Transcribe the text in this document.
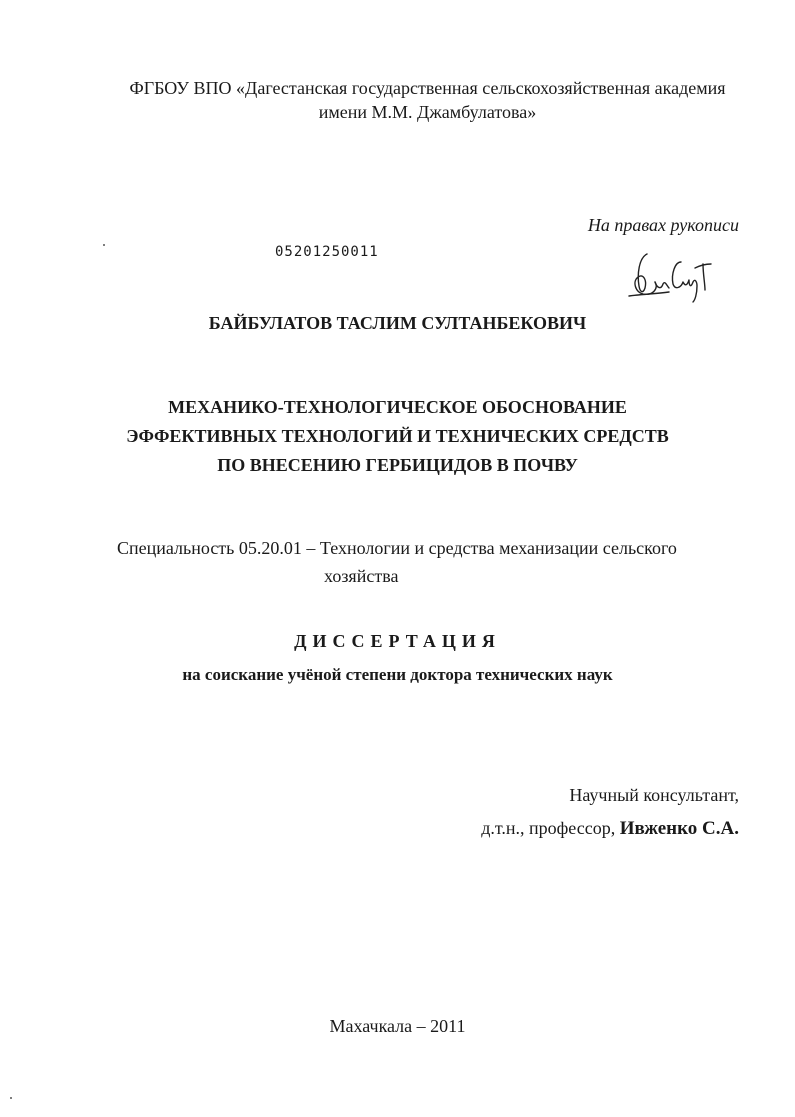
ФГБОУ ВПО «Дагестанская государственная сельскохозяйственная академия
имени М.М. Джамбулатова»
На правах рукописи
05201250011
БАЙБУЛАТОВ ТАСЛИМ СУЛТАНБЕКОВИЧ
МЕХАНИКО-ТЕХНОЛОГИЧЕСКОЕ ОБОСНОВАНИЕ
ЭФФЕКТИВНЫХ ТЕХНОЛОГИЙ И ТЕХНИЧЕСКИХ СРЕДСТВ
ПО ВНЕСЕНИЮ ГЕРБИЦИДОВ В ПОЧВУ
Специальность 05.20.01 – Технологии и средства механизации сельского
хозяйства
ДИССЕРТАЦИЯ
на соискание учёной степени доктора технических наук
Научный консультант,
д.т.н., профессор, Ивженко С.А.
Махачкала – 2011
